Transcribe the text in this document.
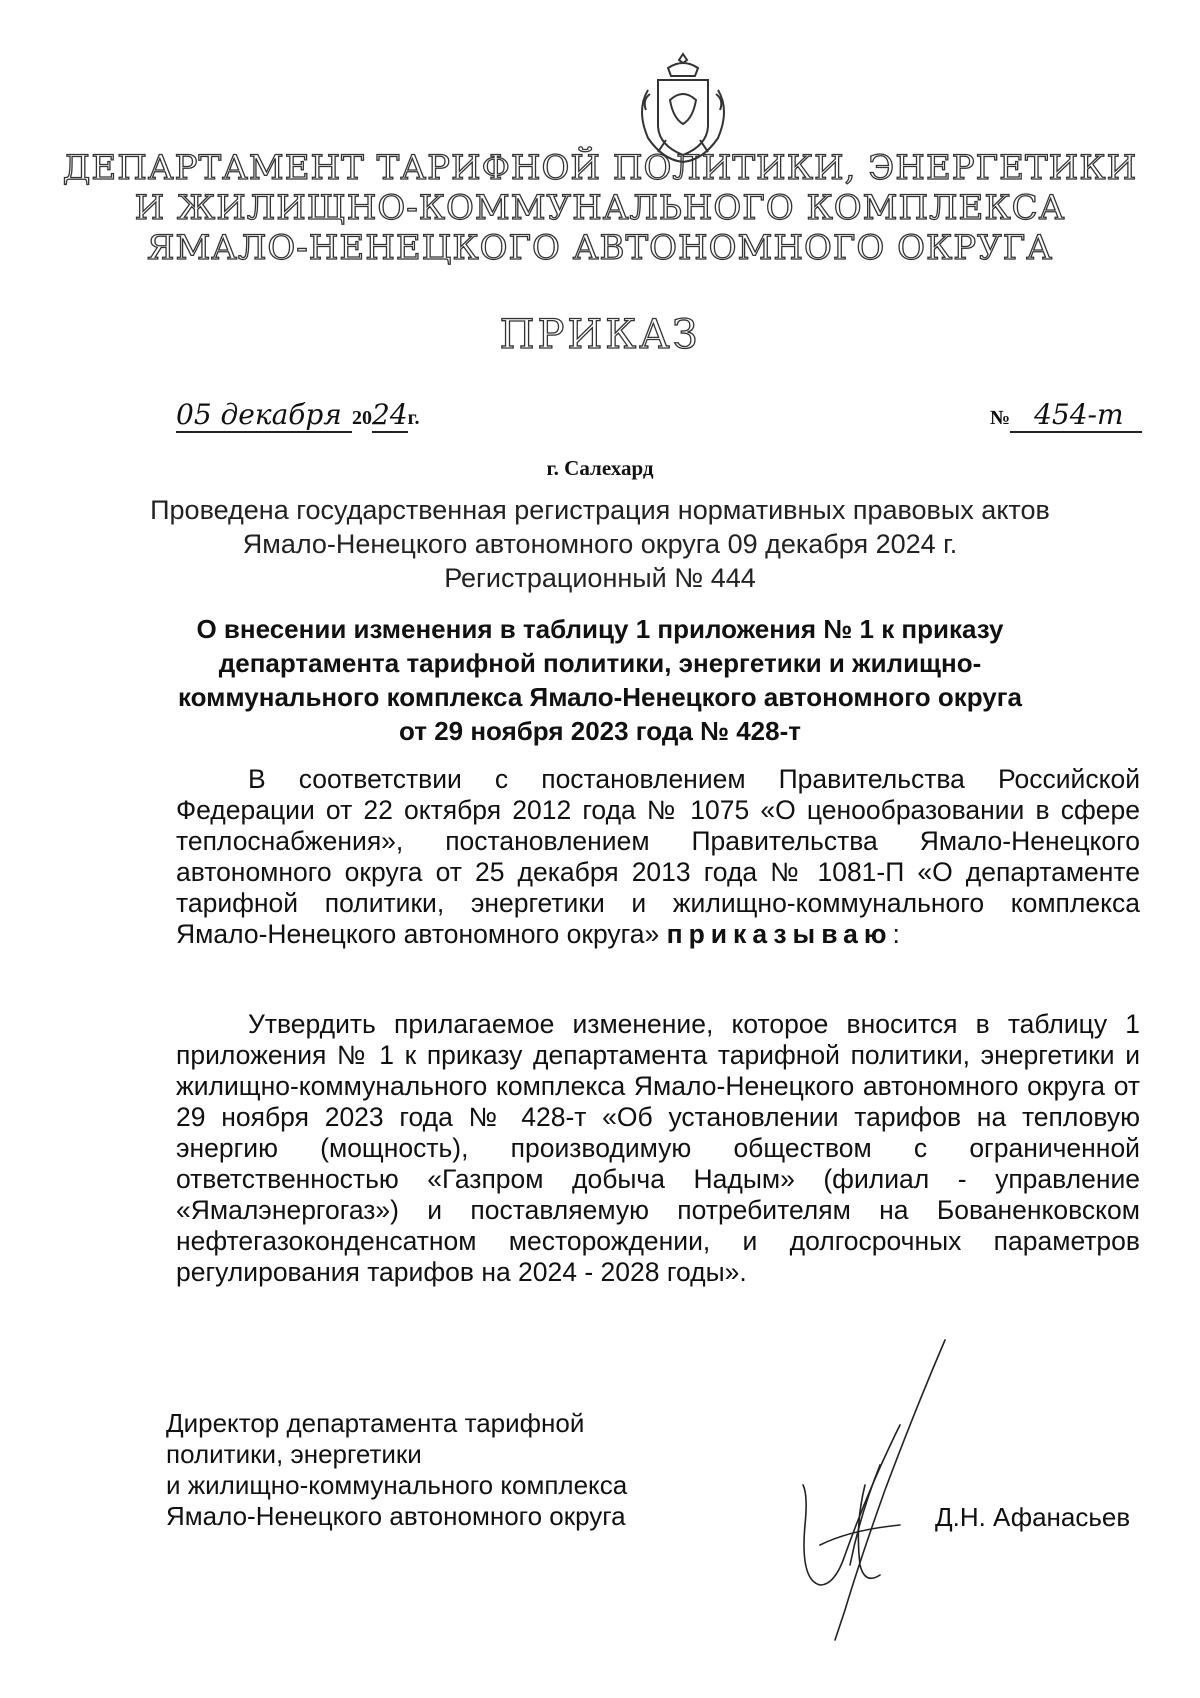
ДЕПАРТАМЕНТ ТАРИФНОЙ ПОЛИТИКИ, ЭНЕРГЕТИКИ
И ЖИЛИЩНО-КОММУНАЛЬНОГО КОМПЛЕКСА
ЯМАЛО-НЕНЕЦКОГО АВТОНОМНОГО ОКРУГА
ПРИКАЗ
05 декабря 2024г.	№ 454-т
г. Салехард
Проведена государственная регистрация нормативных правовых актов
Ямало-Ненецкого автономного округа 09 декабря 2024 г.
Регистрационный № 444
О внесении изменения в таблицу 1 приложения № 1 к приказу
департамента тарифной политики, энергетики и жилищно-
коммунального комплекса Ямало-Ненецкого автономного округа
от 29 ноября 2023 года № 428-т
В соответствии с постановлением Правительства Российской Федерации от 22 октября 2012 года № 1075 «О ценообразовании в сфере теплоснабжения», постановлением Правительства Ямало-Ненецкого автономного округа от 25 декабря 2013 года № 1081-П «О департаменте тарифной политики, энергетики и жилищно-коммунального комплекса Ямало-Ненецкого автономного округа» приказываю:
Утвердить прилагаемое изменение, которое вносится в таблицу 1 приложения № 1 к приказу департамента тарифной политики, энергетики и жилищно-коммунального комплекса Ямало-Ненецкого автономного округа от 29 ноября 2023 года № 428-т «Об установлении тарифов на тепловую энергию (мощность), производимую обществом с ограниченной ответственностью «Газпром добыча Надым» (филиал - управление «Ямалэнергогаз») и поставляемую потребителям на Бованенковском нефтегазоконденсатном месторождении, и долгосрочных параметров регулирования тарифов на 2024 - 2028 годы».
Директор департамента тарифной
политики, энергетики
и жилищно-коммунального комплекса
Ямало-Ненецкого автономного округа	Д.Н. Афанасьев
